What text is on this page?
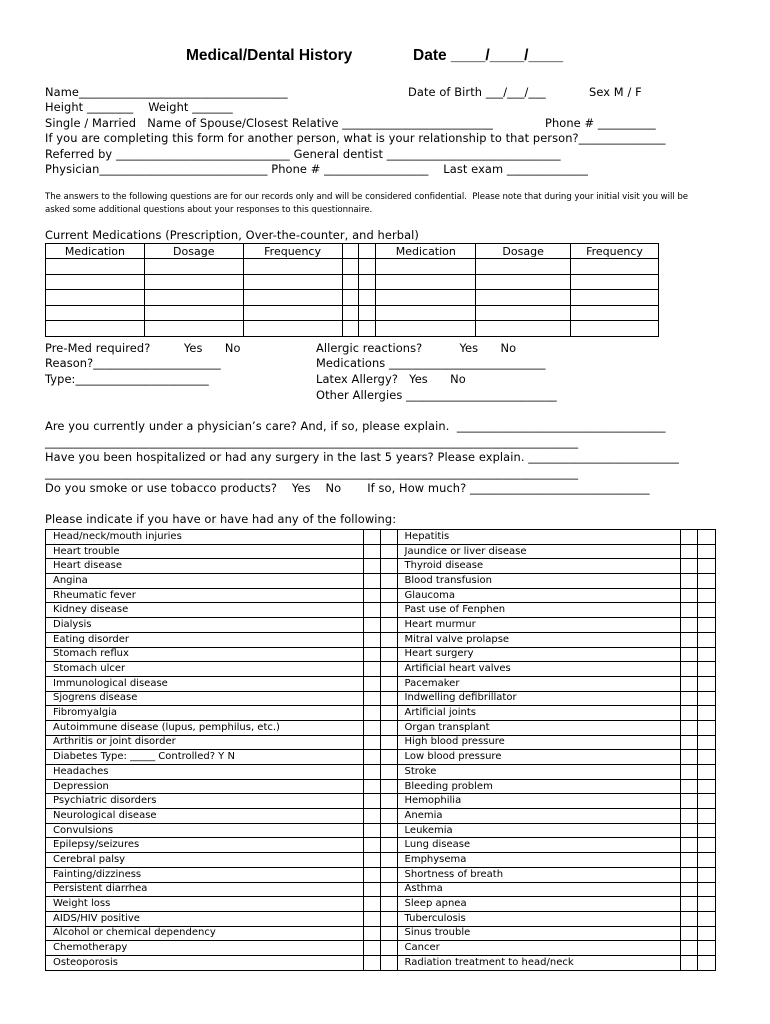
Medical/Dental History	Date ____/____/____
Name____________________________________	Date of Birth ___/___/___	Sex M / F
Height ________    Weight _______
Single / Married   Name of Spouse/Closest Relative __________________________	Phone # __________
If you are completing this form for another person, what is your relationship to that person?_______________
Referred by ______________________________ General dentist ______________________________
Physician_____________________________ Phone # __________________    Last exam ______________
The answers to the following questions are for our records only and will be considered confidential.  Please note that during your initial visit you will be
asked some additional questions about your responses to this questionnaire.
Current Medications (Prescription, Over-the-counter, and herbal)
Medication	Dosage	Frequency			Medication	Dosage	Frequency

Pre-Med required?         Yes      No
Reason?______________________
Type:_______________________
Allergic reactions?          Yes      No
Medications ___________________________
Latex Allergy?   Yes      No
Other Allergies __________________________
Are you currently under a physician’s care? And, if so, please explain.  ____________________________________
____________________________________________________________________________________________
Have you been hospitalized or had any surgery in the last 5 years? Please explain. __________________________
____________________________________________________________________________________________
Do you smoke or use tobacco products?    Yes    No       If so, How much? _______________________________
Please indicate if you have or have had any of the following:
Head/neck/mouth injuries			Hepatitis		
Heart trouble			Jaundice or liver disease		
Heart disease			Thyroid disease		
Angina			Blood transfusion		
Rheumatic fever			Glaucoma		
Kidney disease			Past use of Fenphen		
Dialysis			Heart murmur		
Eating disorder			Mitral valve prolapse		
Stomach reflux			Heart surgery		
Stomach ulcer			Artificial heart valves		
Immunological disease			Pacemaker		
Sjogrens disease			Indwelling defibrillator		
Fibromyalgia			Artificial joints		
Autoimmune disease (lupus, pemphilus, etc.)			Organ transplant		
Arthritis or joint disorder			High blood pressure		
Diabetes Type: _____ Controlled? Y N			Low blood pressure		
Headaches			Stroke		
Depression			Bleeding problem		
Psychiatric disorders			Hemophilia		
Neurological disease			Anemia		
Convulsions			Leukemia		
Epilepsy/seizures			Lung disease		
Cerebral palsy			Emphysema		
Fainting/dizziness			Shortness of breath		
Persistent diarrhea			Asthma		
Weight loss			Sleep apnea		
AIDS/HIV positive			Tuberculosis		
Alcohol or chemical dependency			Sinus trouble		
Chemotherapy			Cancer		
Osteoporosis			Radiation treatment to head/neck		
